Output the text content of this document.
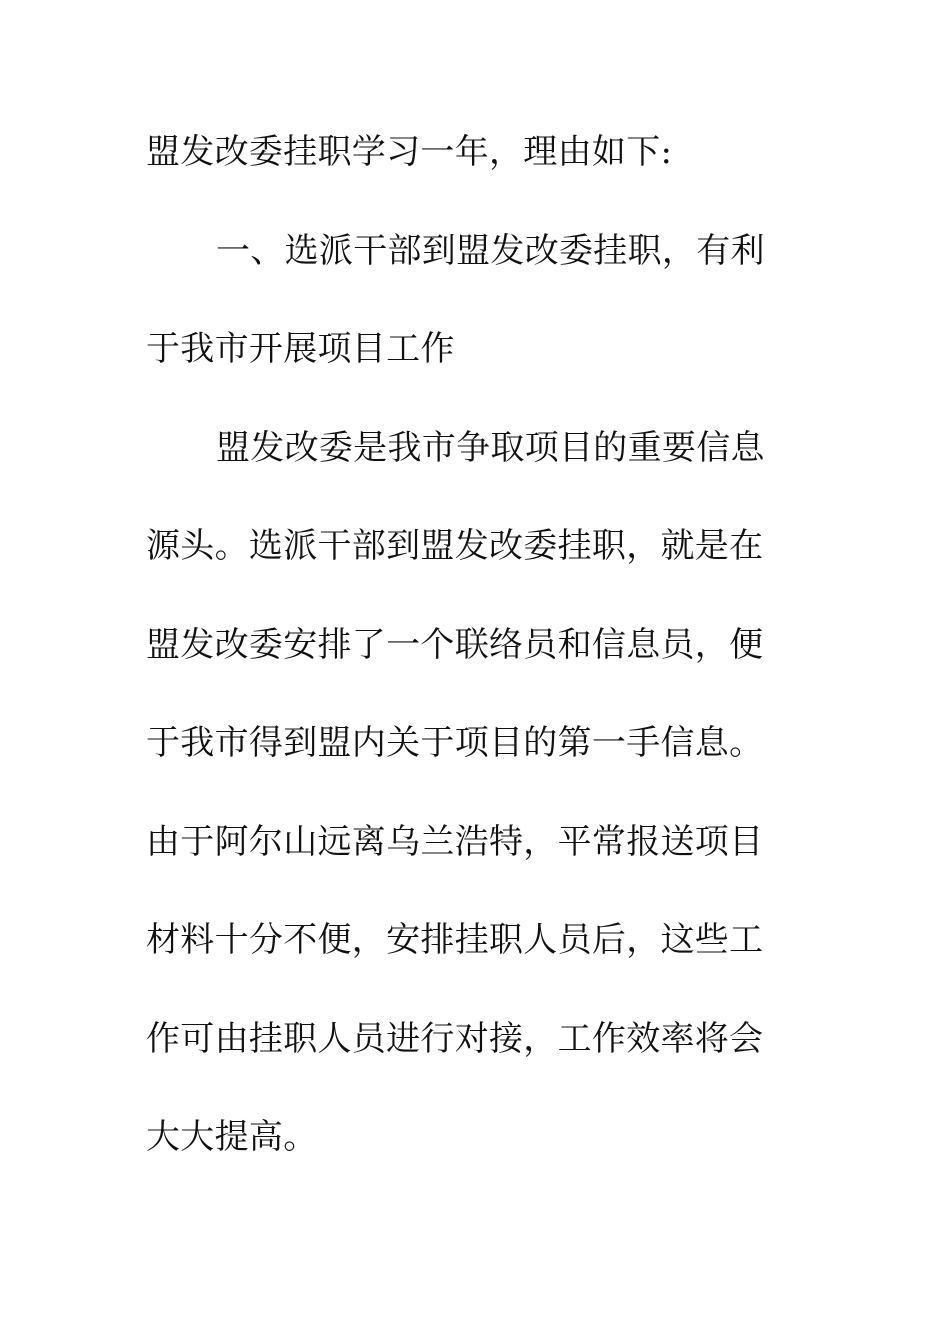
盟发改委挂职学习一年，理由如下:
一、选派干部到盟发改委挂职，有利
于我市开展项目工作
盟发改委是我市争取项目的重要信息
源头。选派干部到盟发改委挂职，就是在
盟发改委安排了一个联络员和信息员，便
于我市得到盟内关于项目的第一手信息。
由于阿尔山远离乌兰浩特，平常报送项目
材料十分不便，安排挂职人员后，这些工
作可由挂职人员进行对接，工作效率将会
大大提高。
